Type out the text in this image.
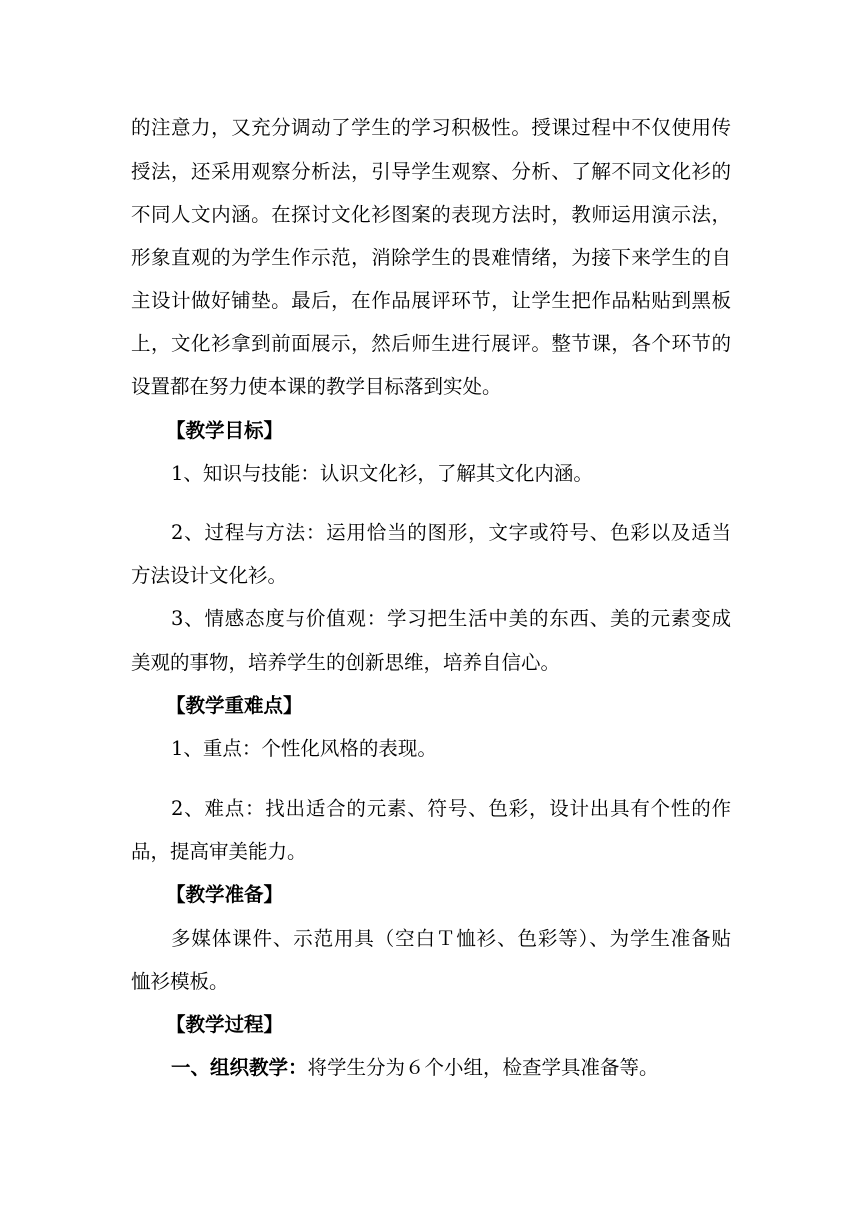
的注意力，又充分调动了学生的学习积极性。授课过程中不仅使用传
授法，还采用观察分析法，引导学生观察、分析、了解不同文化衫的
不同人文内涵。在探讨文化衫图案的表现方法时，教师运用演示法，
形象直观的为学生作示范，消除学生的畏难情绪，为接下来学生的自
主设计做好铺垫。最后，在作品展评环节，让学生把作品粘贴到黑板
上，文化衫拿到前面展示，然后师生进行展评。整节课，各个环节的
设置都在努力使本课的教学目标落到实处。
【教学目标】
1、知识与技能：认识文化衫，了解其文化内涵。
2、过程与方法：运用恰当的图形，文字或符号、色彩以及适当
方法设计文化衫。
3、情感态度与价值观：学习把生活中美的东西、美的元素变成
美观的事物，培养学生的创新思维，培养自信心。
【教学重难点】
1、重点：个性化风格的表现。
2、难点：找出适合的元素、符号、色彩，设计出具有个性的作
品，提高审美能力。
【教学准备】
多媒体课件、示范用具（空白Ｔ恤衫、色彩等）、为学生准备贴
恤衫模板。
【教学过程】
一、组织教学：将学生分为６个小组，检查学具准备等。
